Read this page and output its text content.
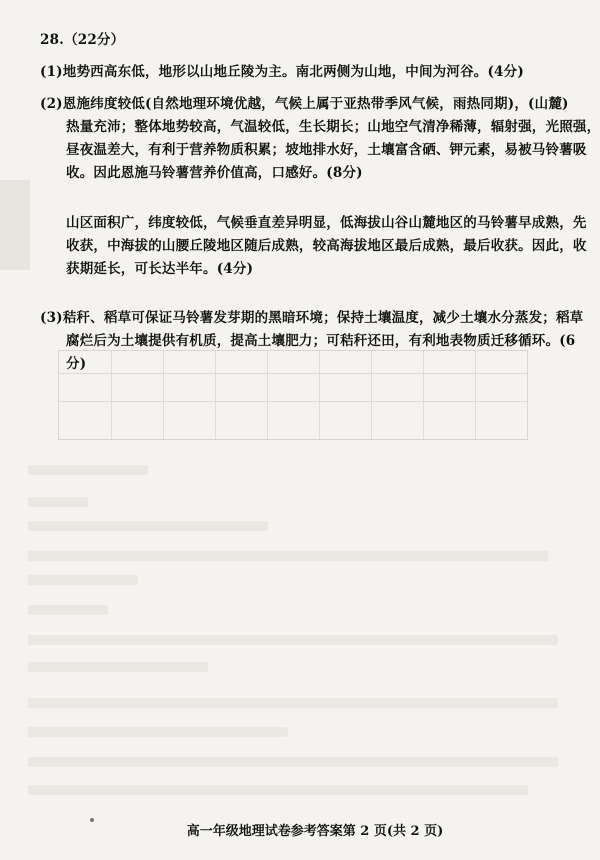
28.（22分）
(1)地势西高东低，地形以山地丘陵为主。南北两侧为山地，中间为河谷。(4分)
(2)恩施纬度较低(自然地理环境优越，气候上属于亚热带季风气候，雨热同期)，(山麓)
热量充沛；整体地势较高，气温较低，生长期长；山地空气清净稀薄，辐射强，光照强，
昼夜温差大，有利于营养物质积累；坡地排水好，土壤富含硒、钾元素，易被马铃薯吸
收。因此恩施马铃薯营养价值高，口感好。(8分)
山区面积广，纬度较低，气候垂直差异明显，低海拔山谷山麓地区的马铃薯早成熟，先
收获，中海拔的山腰丘陵地区随后成熟，较高海拔地区最后成熟，最后收获。因此，收
获期延长，可长达半年。(4分)
(3)秸秆、稻草可保证马铃薯发芽期的黑暗环境；保持土壤温度，减少土壤水分蒸发；稻草
腐烂后为土壤提供有机质，提高土壤肥力；可秸秆还田，有利地表物质迁移循环。(6
分)
高一年级地理试卷参考答案第 2 页(共 2 页)
